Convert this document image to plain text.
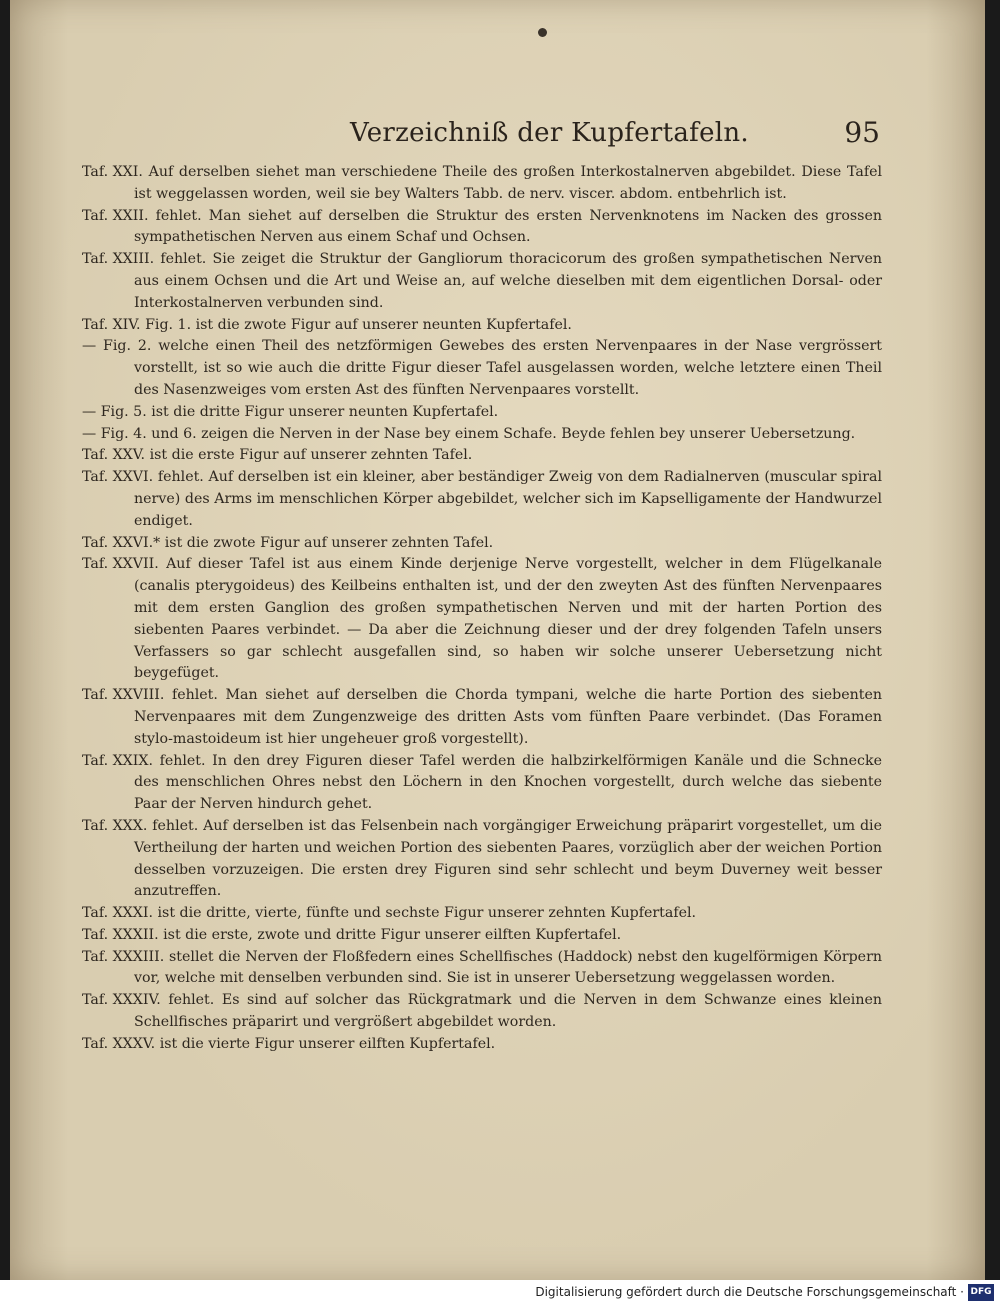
Verzeichniß der Kupfertafeln.	95

Taf. XXI. Auf derselben siehet man verschiedene Theile des großen Interkostalnerven abgebildet. Diese Tafel ist weggelassen worden, weil sie bey Walters Tabb. de nerv. viscer. abdom. entbehrlich ist.

Taf. XXII. fehlet. Man siehet auf derselben die Struktur des ersten Nervenknotens im Nacken des grossen sympathetischen Nerven aus einem Schaf und Ochsen.

Taf. XXIII. fehlet. Sie zeiget die Struktur der Gangliorum thoracicorum des großen sympathetischen Nerven aus einem Ochsen und die Art und Weise an, auf welche dieselben mit dem eigentlichen Dorsal- oder Interkostalnerven verbunden sind.

Taf. XIV. Fig. 1. ist die zwote Figur auf unserer neunten Kupfertafel.

— Fig. 2. welche einen Theil des netzförmigen Gewebes des ersten Nervenpaares in der Nase vergrössert vorstellt, ist so wie auch die dritte Figur dieser Tafel ausgelassen worden, welche letztere einen Theil des Nasenzweiges vom ersten Ast des fünften Nervenpaares vorstellt.

— Fig. 5. ist die dritte Figur unserer neunten Kupfertafel.

— Fig. 4. und 6. zeigen die Nerven in der Nase bey einem Schafe. Beyde fehlen bey unserer Uebersetzung.

Taf. XXV. ist die erste Figur auf unserer zehnten Tafel.

Taf. XXVI. fehlet. Auf derselben ist ein kleiner, aber beständiger Zweig von dem Radialnerven (muscular spiral nerve) des Arms im menschlichen Körper abgebildet, welcher sich im Kapselligamente der Handwurzel endiget.

Taf. XXVI.* ist die zwote Figur auf unserer zehnten Tafel.

Taf. XXVII. Auf dieser Tafel ist aus einem Kinde derjenige Nerve vorgestellt, welcher in dem Flügelkanale (canalis pterygoideus) des Keilbeins enthalten ist, und der den zweyten Ast des fünften Nervenpaares mit dem ersten Ganglion des großen sympathetischen Nerven und mit der harten Portion des siebenten Paares verbindet. — Da aber die Zeichnung dieser und der drey folgenden Tafeln unsers Verfassers so gar schlecht ausgefallen sind, so haben wir solche unserer Uebersetzung nicht beygefüget.

Taf. XXVIII. fehlet. Man siehet auf derselben die Chorda tympani, welche die harte Portion des siebenten Nervenpaares mit dem Zungenzweige des dritten Asts vom fünften Paare verbindet. (Das Foramen stylo-mastoideum ist hier ungeheuer groß vorgestellt).

Taf. XXIX. fehlet. In den drey Figuren dieser Tafel werden die halbzirkelförmigen Kanäle und die Schnecke des menschlichen Ohres nebst den Löchern in den Knochen vorgestellt, durch welche das siebente Paar der Nerven hindurch gehet.

Taf. XXX. fehlet. Auf derselben ist das Felsenbein nach vorgängiger Erweichung präparirt vorgestellet, um die Vertheilung der harten und weichen Portion des siebenten Paares, vorzüglich aber der weichen Portion desselben vorzuzeigen. Die ersten drey Figuren sind sehr schlecht und beym Duverney weit besser anzutreffen.

Taf. XXXI. ist die dritte, vierte, fünfte und sechste Figur unserer zehnten Kupfertafel.

Taf. XXXII. ist die erste, zwote und dritte Figur unserer eilften Kupfertafel.

Taf. XXXIII. stellet die Nerven der Floßfedern eines Schellfisches (Haddock) nebst den kugelförmigen Körpern vor, welche mit denselben verbunden sind. Sie ist in unserer Uebersetzung weggelassen worden.

Taf. XXXIV. fehlet. Es sind auf solcher das Rückgratmark und die Nerven in dem Schwanze eines kleinen Schellfisches präparirt und vergrößert abgebildet worden.

Taf. XXXV. ist die vierte Figur unserer eilften Kupfertafel.

Digitalisierung gefördert durch die Deutsche Forschungsgemeinschaft · DFG
